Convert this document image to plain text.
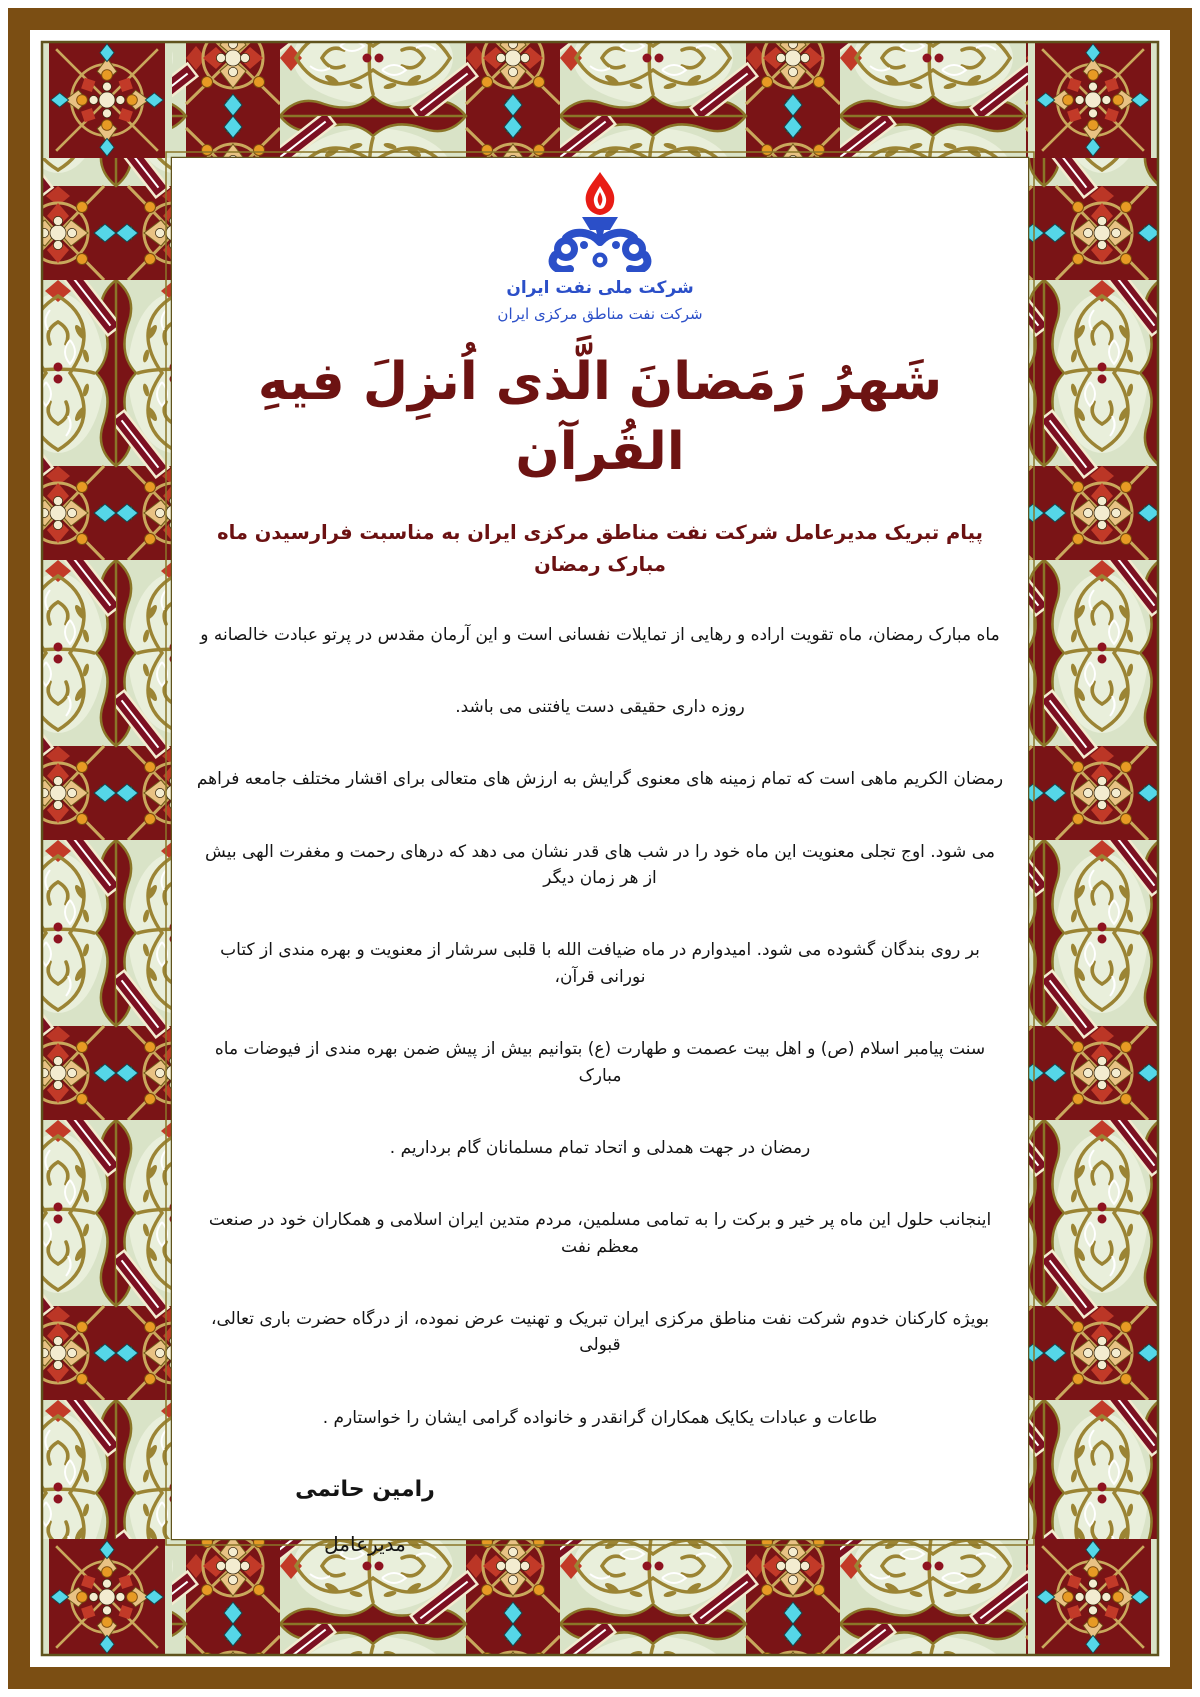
شرکت ملی نفت ایران
شرکت نفت مناطق مرکزی ایران
شَهرُ رَمَضانَ الَّذی اُنزِلَ فیهِ القُرآن
پیام تبریک مدیرعامل شرکت نفت مناطق مرکزی ایران به مناسبت فرارسیدن ماه مبارک رمضان
ماه مبارک رمضان، ماه تقویت اراده و رهایی از تمایلات نفسانی است و این آرمان مقدس در پرتو عبادت خالصانه و
روزه داری حقیقی دست یافتنی می باشد.
رمضان الکریم ماهی است که تمام زمینه های معنوی گرایش به ارزش های متعالی برای اقشار مختلف جامعه فراهم
می شود. اوج تجلی معنویت این ماه خود را در شب های قدر نشان می دهد که درهای رحمت و مغفرت الهی بیش از هر زمان دیگر
بر روی بندگان گشوده می شود. امیدوارم در ماه ضیافت الله با قلبی سرشار از معنویت و بهره مندی از کتاب نورانی قرآن،
سنت پیامبر اسلام (ص) و اهل بیت عصمت و طهارت (ع) بتوانیم بیش از پیش ضمن بهره مندی از فیوضات ماه مبارک
رمضان در جهت همدلی و اتحاد تمام مسلمانان گام برداریم .
اینجانب حلول این ماه پر خیر و برکت را به تمامی مسلمین، مردم متدین ایران اسلامی و همکاران خود در صنعت معظم نفت
بویژه کارکنان خدوم شرکت نفت مناطق مرکزی ایران تبریک و تهنیت عرض نموده، از درگاه حضرت باری تعالی، قبولی
طاعات و عبادات یکایک همکاران گرانقدر و خانواده گرامی ایشان را خواستارم .
رامین حاتمی
مدیرعامل
